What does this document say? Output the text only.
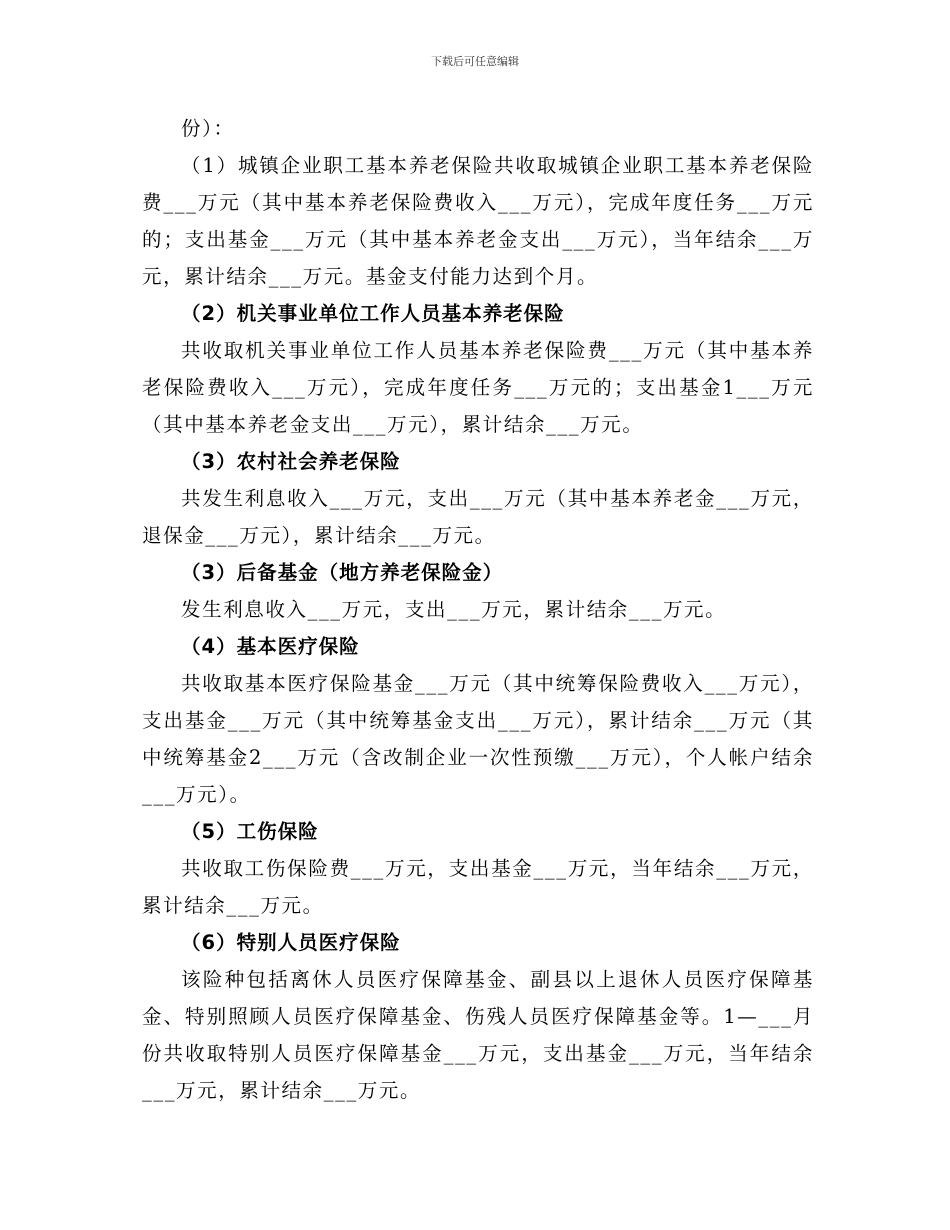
下载后可任意编辑

份）：

（1）城镇企业职工基本养老保险共收取城镇企业职工基本养老保险费___万元（其中基本养老保险费收入___万元），完成年度任务___万元的；支出基金___万元（其中基本养老金支出___万元），当年结余___万元，累计结余___万元。基金支付能力达到个月。

（2）机关事业单位工作人员基本养老保险

共收取机关事业单位工作人员基本养老保险费___万元（其中基本养老保险费收入___万元），完成年度任务___万元的；支出基金1___万元（其中基本养老金支出___万元），累计结余___万元。

（3）农村社会养老保险

共发生利息收入___万元，支出___万元（其中基本养老金___万元，退保金___万元），累计结余___万元。

（3）后备基金（地方养老保险金）

发生利息收入___万元，支出___万元，累计结余___万元。

（4）基本医疗保险

共收取基本医疗保险基金___万元（其中统筹保险费收入___万元），支出基金___万元（其中统筹基金支出___万元），累计结余___万元（其中统筹基金2___万元（含改制企业一次性预缴___万元），个人帐户结余___万元）。

（5）工伤保险

共收取工伤保险费___万元，支出基金___万元，当年结余___万元，累计结余___万元。

（6）特别人员医疗保险

该险种包括离休人员医疗保障基金、副县以上退休人员医疗保障基金、特别照顾人员医疗保障基金、伤残人员医疗保障基金等。1—___月份共收取特别人员医疗保障基金___万元，支出基金___万元，当年结余___万元，累计结余___万元。
